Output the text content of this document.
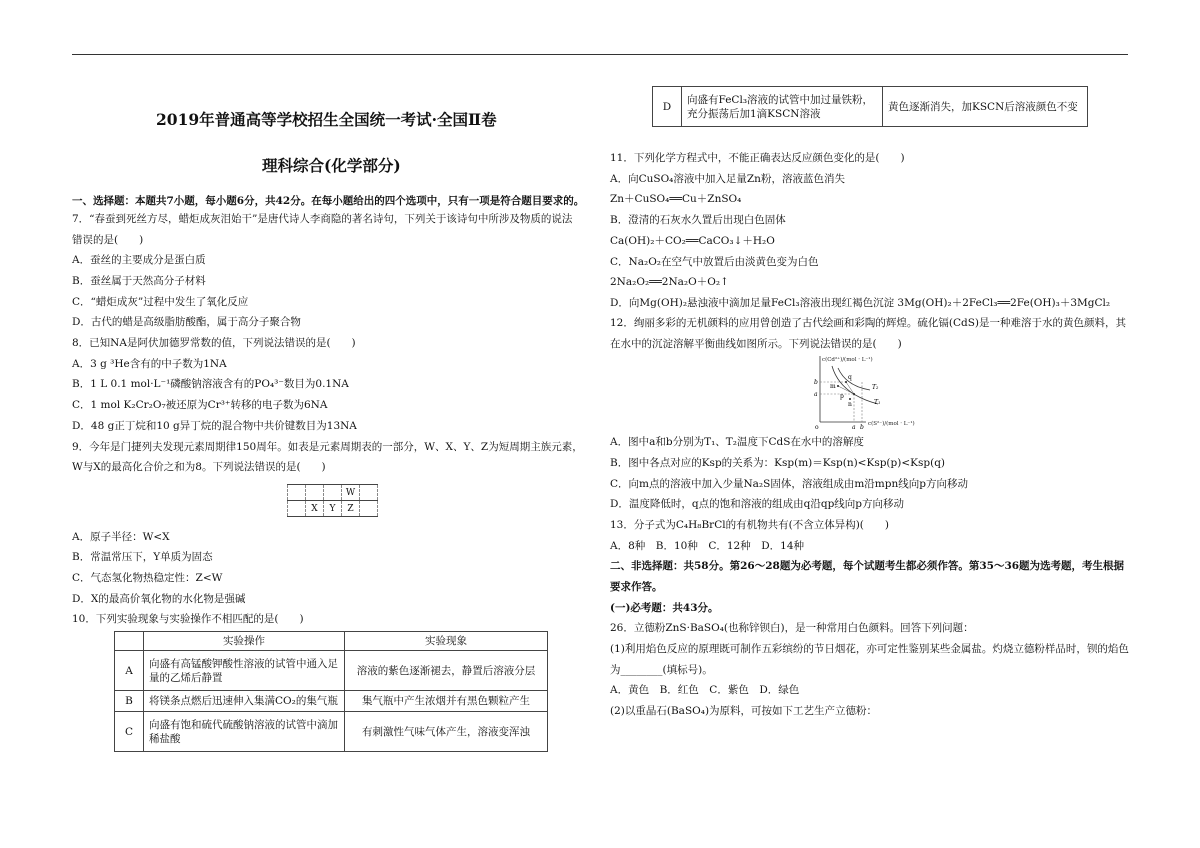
2019年普通高等学校招生全国统一考试·全国Ⅱ卷
理科综合(化学部分)
一、选择题：本题共7小题，每小题6分，共42分。在每小题给出的四个选项中，只有一项是符合题目要求的。
7．“春蚕到死丝方尽，蜡炬成灰泪始干”是唐代诗人李商隐的著名诗句，下列关于该诗句中所涉及物质的说法
错误的是(　　)
A．蚕丝的主要成分是蛋白质
B．蚕丝属于天然高分子材料
C．“蜡炬成灰”过程中发生了氧化反应
D．古代的蜡是高级脂肪酸酯，属于高分子聚合物
8．已知NA是阿伏加德罗常数的值，下列说法错误的是(　　)
A．3 g ³He含有的中子数为1NA
B．1 L 0.1 mol·L⁻¹磷酸钠溶液含有的PO₄³⁻数目为0.1NA
C．1 mol K₂Cr₂O₇被还原为Cr³⁺转移的电子数为6NA
D．48 g正丁烷和10 g异丁烷的混合物中共价键数目为13NA
9．今年是门捷列夫发现元素周期律150周年。如表是元素周期表的一部分，W、X、Y、Z为短周期主族元素，
W与X的最高化合价之和为8。下列说法错误的是(　　)
			W	
	X	Y	Z	
A．原子半径：W<X
B．常温常压下，Y单质为固态
C．气态氢化物热稳定性：Z<W
D．X的最高价氧化物的水化物是强碱
10．下列实验现象与实验操作不相匹配的是(　　)
	实验操作	实验现象
A	向盛有高锰酸钾酸性溶液的试管中通入足量的乙烯后静置	溶液的紫色逐渐褪去，静置后溶液分层
B	将镁条点燃后迅速伸入集满CO₂的集气瓶	集气瓶中产生浓烟并有黑色颗粒产生
C	向盛有饱和硫代硫酸钠溶液的试管中滴加稀盐酸	有刺激性气味气体产生，溶液变浑浊
D	向盛有FeCl₃溶液的试管中加过量铁粉，充分振荡后加1滴KSCN溶液	黄色逐渐消失，加KSCN后溶液颜色不变
11．下列化学方程式中，不能正确表达反应颜色变化的是(　　)
A．向CuSO₄溶液中加入足量Zn粉，溶液蓝色消失
Zn＋CuSO₄══Cu＋ZnSO₄
B．澄清的石灰水久置后出现白色固体
Ca(OH)₂＋CO₂══CaCO₃↓＋H₂O
C．Na₂O₂在空气中放置后由淡黄色变为白色
2Na₂O₂══2Na₂O＋O₂↑
D．向Mg(OH)₂悬浊液中滴加足量FeCl₃溶液出现红褐色沉淀 3Mg(OH)₂＋2FeCl₃══2Fe(OH)₃＋3MgCl₂
12．绚丽多彩的无机颜料的应用曾创造了古代绘画和彩陶的辉煌。硫化镉(CdS)是一种难溶于水的黄色颜料，其
在水中的沉淀溶解平衡曲线如图所示。下列说法错误的是(　　)
c(Cd²⁺)/(mol · L⁻¹)
c(S²⁻)/(mol · L⁻¹)
b
a
m
p
n
q
T₂
T₁
a b
o
A．图中a和b分别为T₁、T₂温度下CdS在水中的溶解度
B．图中各点对应的Ksp的关系为：Ksp(m)＝Ksp(n)<Ksp(p)<Ksp(q)
C．向m点的溶液中加入少量Na₂S固体，溶液组成由m沿mpn线向p方向移动
D．温度降低时，q点的饱和溶液的组成由q沿qp线向p方向移动
13．分子式为C₄H₈BrCl的有机物共有(不含立体异构)(　　)
A．8种　B．10种　C．12种　D．14种
二、非选择题：共58分。第26～28题为必考题，每个试题考生都必须作答。第35～36题为选考题，考生根据
要求作答。
(一)必考题：共43分。
26．立德粉ZnS·BaSO₄(也称锌钡白)，是一种常用白色颜料。回答下列问题：
(1)利用焰色反应的原理既可制作五彩缤纷的节日烟花，亦可定性鉴别某些金属盐。灼烧立德粉样品时，钡的焰色
为________(填标号)。
A．黄色　B．红色　C．紫色　D．绿色
(2)以重晶石(BaSO₄)为原料，可按如下工艺生产立德粉：
